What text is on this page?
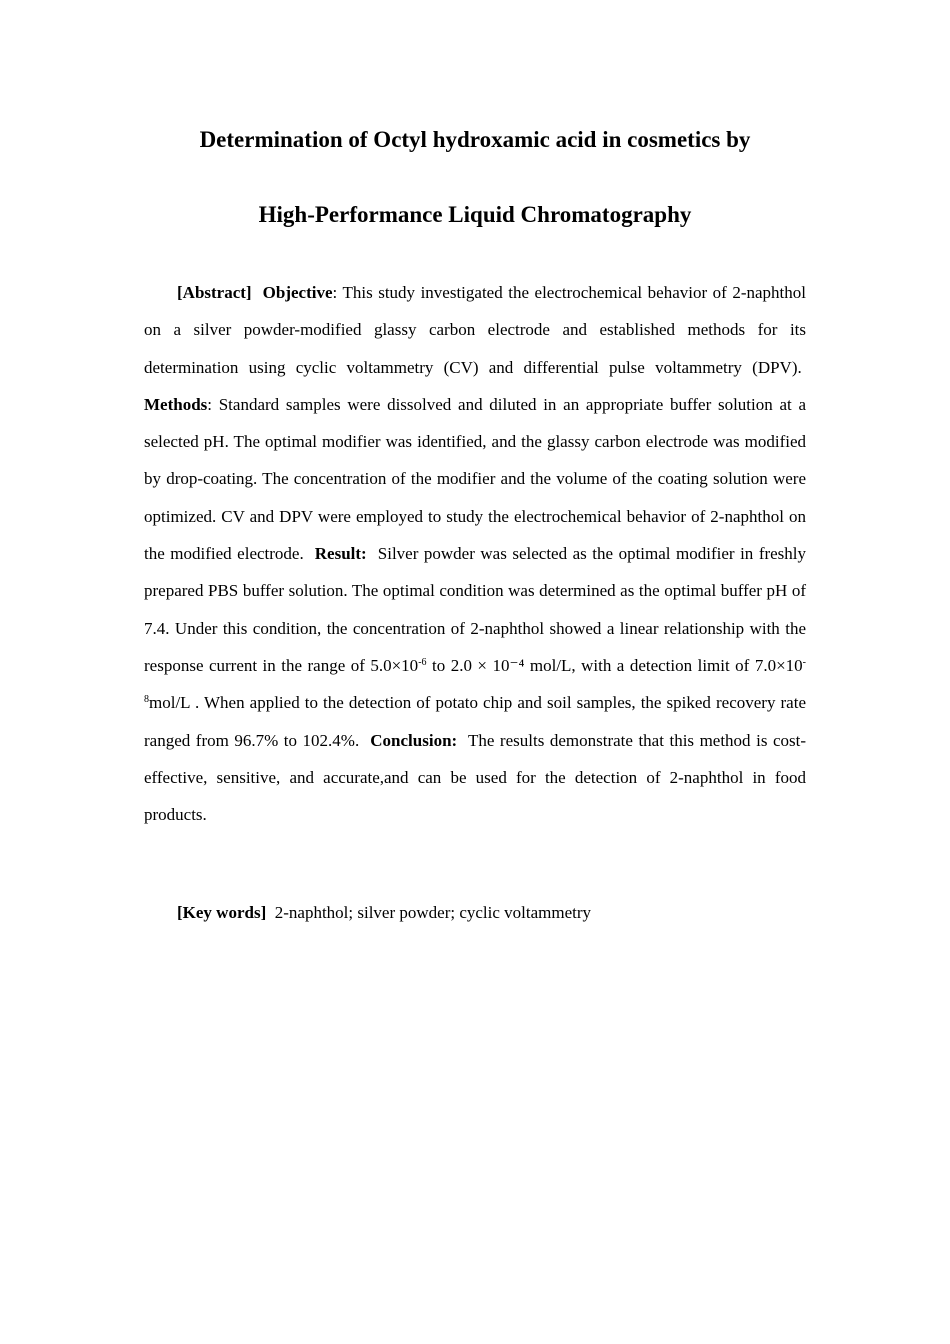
Determination of Octyl hydroxamic acid in cosmetics by
High-Performance Liquid Chromatography

[Abstract] Objective: This study investigated the electrochemical behavior of 2-naphthol on a silver powder-modified glassy carbon electrode and established methods for its determination using cyclic voltammetry (CV) and differential pulse voltammetry (DPV).  Methods: Standard samples were dissolved and diluted in an appropriate buffer solution at a selected pH. The optimal modifier was identified, and the glassy carbon electrode was modified by drop-coating. The concentration of the modifier and the volume of the coating solution were optimized. CV and DPV were employed to study the electrochemical behavior of 2-naphthol on the modified electrode. Result: Silver powder was selected as the optimal modifier in freshly prepared PBS buffer solution. The optimal condition was determined as the optimal buffer pH of 7.4. Under this condition, the concentration of 2-naphthol showed a linear relationship with the response current in the range of $5.0\times 10^{-6}$ to 2.0 × 10⁻⁴ mol/L, with a detection limit of $7.0\times 10^{-8}mol/L$ . When applied to the detection of potato chip and soil samples, the spiked recovery rate ranged from 96.7% to 102.4%. Conclusion: The results demonstrate that this method is cost-effective, sensitive, and accurate,and can be used for the detection of 2-naphthol in food products.

[Key words] 2-naphthol; silver powder; cyclic voltammetry
